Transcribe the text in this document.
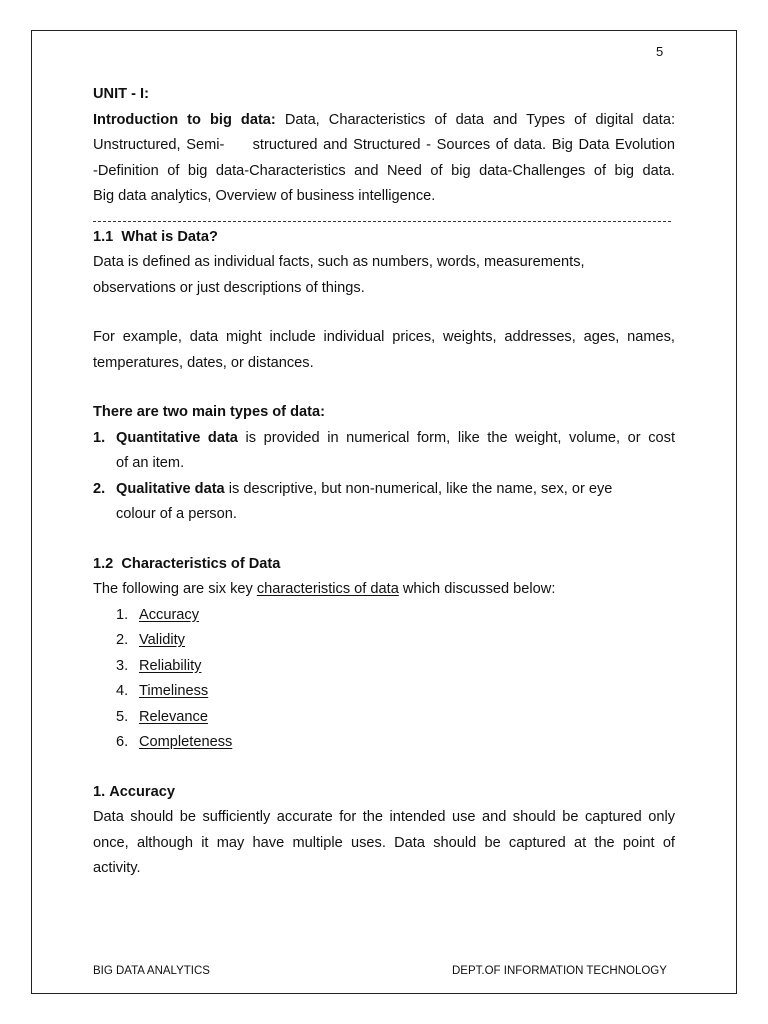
5
UNIT - I:
Introduction to big data: Data, Characteristics of data and Types of digital data:
Unstructured, Semi-     structured and Structured - Sources of data. Big Data Evolution
-Definition of big data-Characteristics and Need of big data-Challenges of big data.
Big data analytics, Overview of business intelligence.
1.1  What is Data?
Data is defined as individual facts, such as numbers, words, measurements,
observations or just descriptions of things.
For example, data might include individual prices, weights, addresses, ages, names,
temperatures, dates, or distances.
There are two main types of data:
1. Quantitative data is provided in numerical form, like the weight, volume, or cost
of an item.
2. Qualitative data is descriptive, but non-numerical, like the name, sex, or eye
colour of a person.
1.2  Characteristics of Data
The following are six key characteristics of data which discussed below:
1. Accuracy
2. Validity
3. Reliability
4. Timeliness
5. Relevance
6. Completeness
1. Accuracy
Data should be sufficiently accurate for the intended use and should be captured only
once, although it may have multiple uses. Data should be captured at the point of
activity.
BIG DATA ANALYTICS	DEPT.OF INFORMATION TECHNOLOGY
